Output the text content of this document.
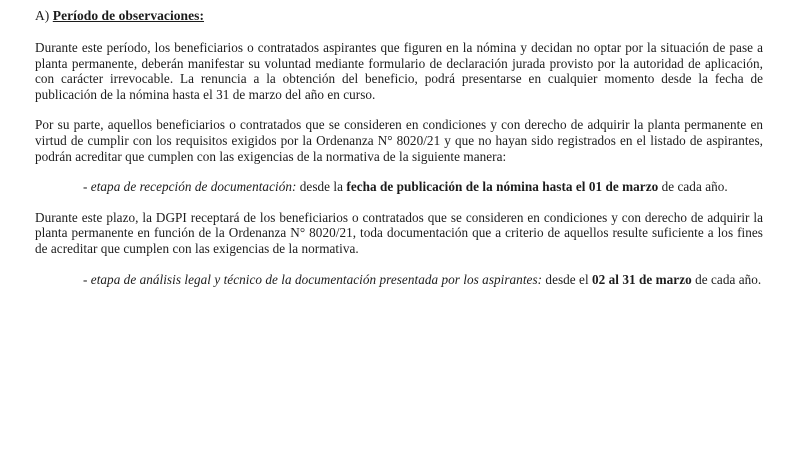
A) Período de observaciones:

Durante este período, los beneficiarios o contratados aspirantes que figuren en la nómina y decidan no optar por la situación de pase a planta permanente, deberán manifestar su voluntad mediante formulario de declaración jurada provisto por la autoridad de aplicación, con carácter irrevocable. La renuncia a la obtención del beneficio, podrá presentarse en cualquier momento desde la fecha de publicación de la nómina hasta el 31 de marzo del año en curso.

Por su parte, aquellos beneficiarios o contratados que se consideren en condiciones y con derecho de adquirir la planta permanente en virtud de cumplir con los requisitos exigidos por la Ordenanza N° 8020/21 y que no hayan sido registrados en el listado de aspirantes, podrán acreditar que cumplen con las exigencias de la normativa de la siguiente manera:

- etapa de recepción de documentación: desde la fecha de publicación de la nómina hasta el 01 de marzo de cada año.

Durante este plazo, la DGPI receptará de los beneficiarios o contratados que se consideren en condiciones y con derecho de adquirir la planta permanente en función de la Ordenanza N° 8020/21, toda documentación que a criterio de aquellos resulte suficiente a los fines de acreditar que cumplen con las exigencias de la normativa.

- etapa de análisis legal y técnico de la documentación presentada por los aspirantes: desde el 02 al 31 de marzo de cada año.
